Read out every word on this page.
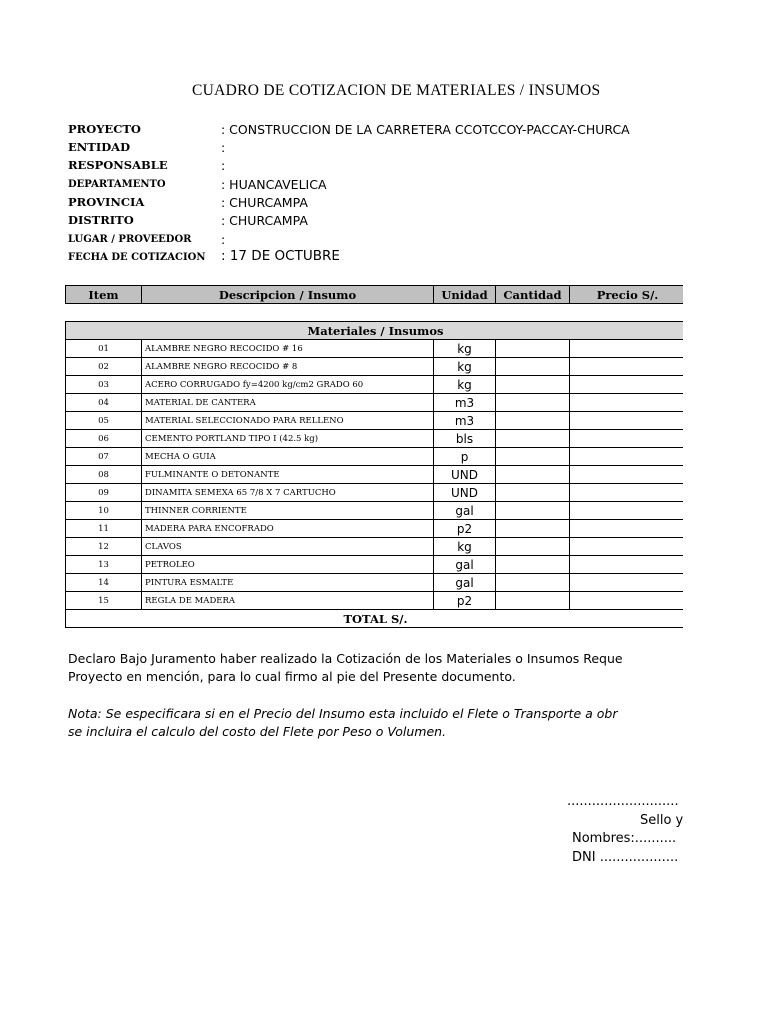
CUADRO DE COTIZACION DE MATERIALES / INSUMOS
PROYECTO	: CONSTRUCCION DE LA CARRETERA CCOTCCOY-PACCAY-CHURCA
ENTIDAD	:
RESPONSABLE	:
DEPARTAMENTO	: HUANCAVELICA
PROVINCIA	: CHURCAMPA
DISTRITO	: CHURCAMPA
LUGAR / PROVEEDOR :
FECHA DE COTIZACION : 17 DE OCTUBRE
Item	Descripcion / Insumo	Unidad	Cantidad	Precio S/.
Materiales / Insumos				
01	ALAMBRE NEGRO RECOCIDO # 16	kg		
02	ALAMBRE NEGRO RECOCIDO # 8	kg		
03	ACERO CORRUGADO fy=4200 kg/cm2 GRADO 60	kg		
04	MATERIAL DE CANTERA	m3		
05	MATERIAL SELECCIONADO PARA RELLENO	m3		
06	CEMENTO PORTLAND TIPO I (42.5 kg)	bls		
07	MECHA O GUIA	p		
08	FULMINANTE O DETONANTE	UND		
09	DINAMITA SEMEXA 65 7/8 X 7 CARTUCHO	UND		
10	THINNER CORRIENTE	gal		
11	MADERA PARA ENCOFRADO	p2		
12	CLAVOS	kg		
13	PETROLEO	gal		
14	PINTURA ESMALTE	gal		
15	REGLA DE MADERA	p2		
TOTAL S/.				
Declaro Bajo Juramento haber realizado la Cotización de los Materiales o Insumos Reque
Proyecto en mención, para lo cual firmo al pie del Presente documento.
Nota: Se especificara si en el Precio del Insumo esta incluido el Flete o Transporte a obr
se incluira el calculo del costo del Flete por Peso o Volumen.
...........................
Sello y
Nombres:..........
DNI ...................
